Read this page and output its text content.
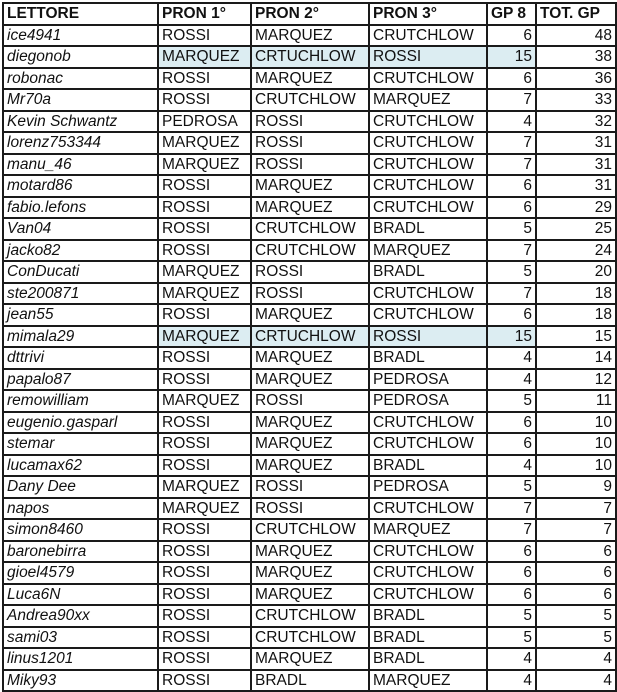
LETTORE	PRON 1°	PRON 2°	PRON 3°	GP 8	TOT. GP
ice4941	ROSSI	MARQUEZ	CRUTCHLOW	6	48
diegonob	MARQUEZ	CRTUCHLOW	ROSSI	15	38
robonac	ROSSI	MARQUEZ	CRUTCHLOW	6	36
Mr70a	ROSSI	CRUTCHLOW	MARQUEZ	7	33
Kevin Schwantz	PEDROSA	ROSSI	CRUTCHLOW	4	32
lorenz753344	MARQUEZ	ROSSI	CRUTCHLOW	7	31
manu_46	MARQUEZ	ROSSI	CRUTCHLOW	7	31
motard86	ROSSI	MARQUEZ	CRUTCHLOW	6	31
fabio.lefons	ROSSI	MARQUEZ	CRUTCHLOW	6	29
Van04	ROSSI	CRUTCHLOW	BRADL	5	25
jacko82	ROSSI	CRUTCHLOW	MARQUEZ	7	24
ConDucati	MARQUEZ	ROSSI	BRADL	5	20
ste200871	MARQUEZ	ROSSI	CRUTCHLOW	7	18
jean55	ROSSI	MARQUEZ	CRUTCHLOW	6	18
mimala29	MARQUEZ	CRTUCHLOW	ROSSI	15	15
dttrivi	ROSSI	MARQUEZ	BRADL	4	14
papalo87	ROSSI	MARQUEZ	PEDROSA	4	12
remowilliam	MARQUEZ	ROSSI	PEDROSA	5	11
eugenio.gasparl	ROSSI	MARQUEZ	CRUTCHLOW	6	10
stemar	ROSSI	MARQUEZ	CRUTCHLOW	6	10
lucamax62	ROSSI	MARQUEZ	BRADL	4	10
Dany Dee	MARQUEZ	ROSSI	PEDROSA	5	9
napos	MARQUEZ	ROSSI	CRUTCHLOW	7	7
simon8460	ROSSI	CRUTCHLOW	MARQUEZ	7	7
baronebirra	ROSSI	MARQUEZ	CRUTCHLOW	6	6
gioel4579	ROSSI	MARQUEZ	CRUTCHLOW	6	6
Luca6N	ROSSI	MARQUEZ	CRUTCHLOW	6	6
Andrea90xx	ROSSI	CRUTCHLOW	BRADL	5	5
sami03	ROSSI	CRUTCHLOW	BRADL	5	5
linus1201	ROSSI	MARQUEZ	BRADL	4	4
Miky93	ROSSI	BRADL	MARQUEZ	4	4
